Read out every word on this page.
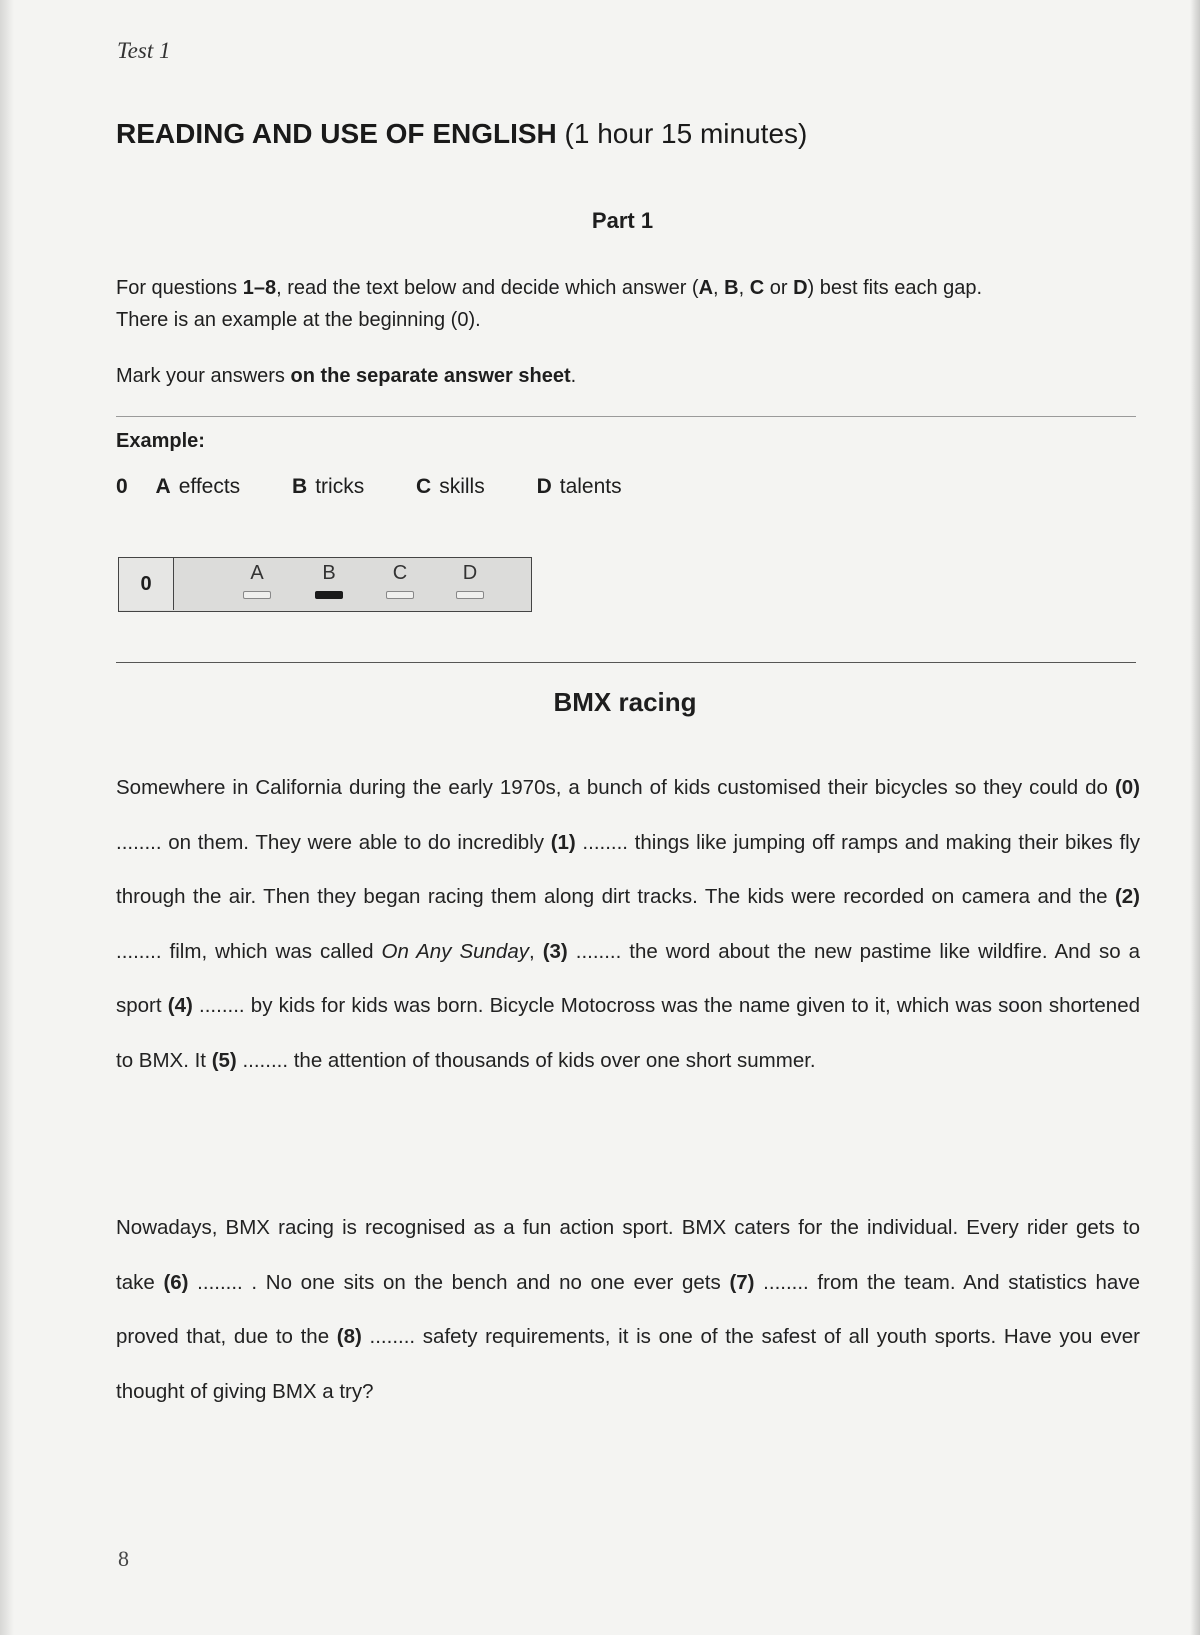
Test 1
READING AND USE OF ENGLISH (1 hour 15 minutes)
Part 1

For questions 1–8, read the text below and decide which answer (A, B, C or D) best fits each gap.

There is an example at the beginning (0).

Mark your answers on the separate answer sheet.
Example:
0 A effects B tricks C skills D talents
0	A	B	C	D
BMX racing

Somewhere in California during the early 1970s, a bunch of kids customised their bicycles so they could do (0) ........ on them. They were able to do incredibly (1) ........ things like jumping off ramps and making their bikes fly through the air. Then they began racing them along dirt tracks. The kids were recorded on camera and the (2) ........ film, which was called On Any Sunday, (3) ........ the word about the new pastime like wildfire. And so a sport (4) ........ by kids for kids was born. Bicycle Motocross was the name given to it, which was soon shortened to BMX. It (5) ........ the attention of thousands of kids over one short summer.

Nowadays, BMX racing is recognised as a fun action sport. BMX caters for the individual. Every rider gets to take (6) ........ . No one sits on the bench and no one ever gets (7) ........ from the team. And statistics have proved that, due to the (8) ........ safety requirements, it is one of the safest of all youth sports. Have you ever thought of giving BMX a try?

8
